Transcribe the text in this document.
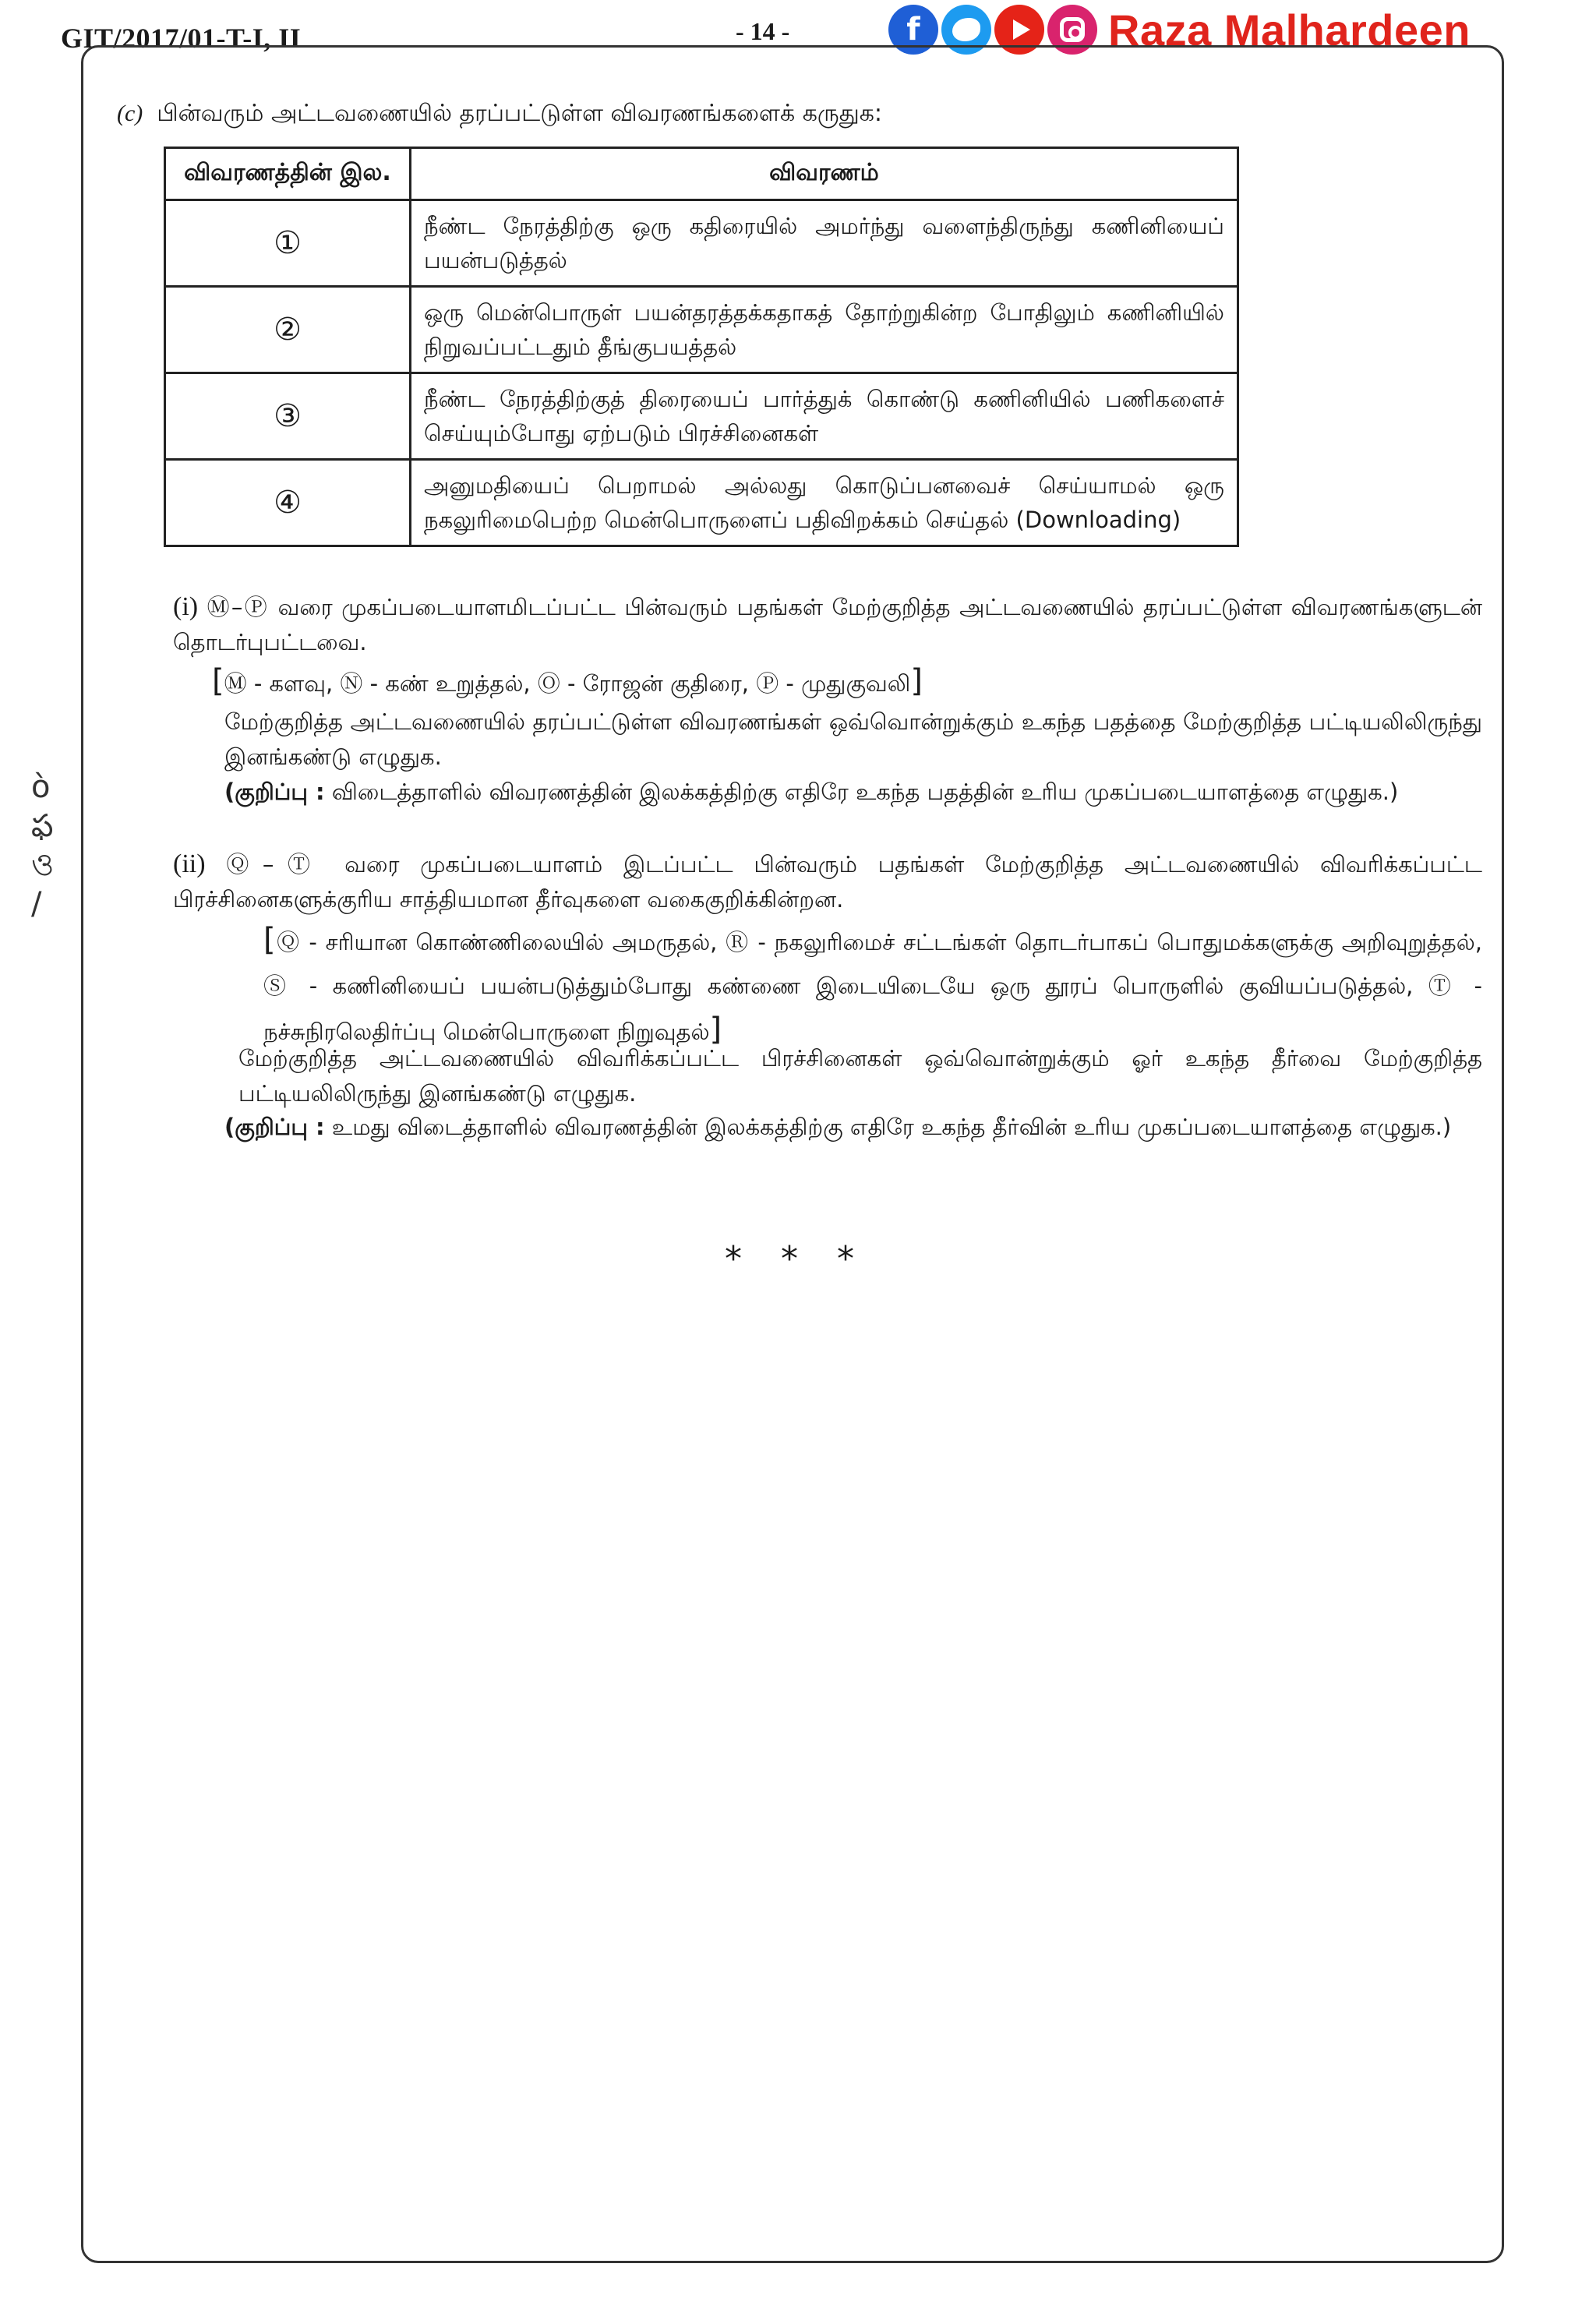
GIT/2017/01-T-I, II	- 14 -	f	Raza Malhardeen
(c) பின்வரும் அட்டவணையில் தரப்பட்டுள்ள விவரணங்களைக் கருதுக:
விவரணத்தின் இல.	விவரணம்
①	நீண்ட நேரத்திற்கு ஒரு கதிரையில் அமர்ந்து வளைந்திருந்து கணினியைப் பயன்படுத்தல்
②	ஒரு மென்பொருள் பயன்தரத்தக்கதாகத் தோற்றுகின்ற போதிலும் கணினியில் நிறுவப்பட்டதும் தீங்குபயத்தல்
③	நீண்ட நேரத்திற்குத் திரையைப் பார்த்துக் கொண்டு கணினியில் பணிகளைச் செய்யும்போது ஏற்படும் பிரச்சினைகள்
④	அனுமதியைப் பெறாமல் அல்லது கொடுப்பனவைச் செய்யாமல் ஒரு நகலுரிமைபெற்ற மென்பொருளைப் பதிவிறக்கம் செய்தல் (Downloading)
(i) Ⓜ–Ⓟ வரை முகப்படையாளமிடப்பட்ட பின்வரும் பதங்கள் மேற்குறித்த அட்டவணையில் தரப்பட்டுள்ள விவரணங்களுடன் தொடர்புபட்டவை.
[Ⓜ - களவு, Ⓝ - கண் உறுத்தல், Ⓞ - ரோஜன் குதிரை, Ⓟ - முதுகுவலி]
மேற்குறித்த அட்டவணையில் தரப்பட்டுள்ள விவரணங்கள் ஒவ்வொன்றுக்கும் உகந்த பதத்தை மேற்குறித்த பட்டியலிலிருந்து இனங்கண்டு எழுதுக.
(குறிப்பு : விடைத்தாளில் விவரணத்தின் இலக்கத்திற்கு எதிரே உகந்த பதத்தின் உரிய முகப்படையாளத்தை எழுதுக.)
(ii) Ⓠ–Ⓣ வரை முகப்படையாளம் இடப்பட்ட பின்வரும் பதங்கள் மேற்குறித்த அட்டவணையில் விவரிக்கப்பட்ட பிரச்சினைகளுக்குரிய சாத்தியமான தீர்வுகளை வகைகுறிக்கின்றன.
[Ⓠ - சரியான கொண்ணிலையில் அமருதல், Ⓡ - நகலுரிமைச் சட்டங்கள் தொடர்பாகப் பொதுமக்களுக்கு அறிவுறுத்தல், Ⓢ - கணினியைப் பயன்படுத்தும்போது கண்ணை இடையிடையே ஒரு தூரப் பொருளில் குவியப்படுத்தல், Ⓣ - நச்சுநிரலெதிர்ப்பு மென்பொருளை நிறுவுதல்]
மேற்குறித்த அட்டவணையில் விவரிக்கப்பட்ட பிரச்சினைகள் ஒவ்வொன்றுக்கும் ஓர் உகந்த தீர்வை மேற்குறித்த பட்டியலிலிருந்து இனங்கண்டு எழுதுக.
(குறிப்பு : உமது விடைத்தாளில் விவரணத்தின் இலக்கத்திற்கு எதிரே உகந்த தீர்வின் உரிய முகப்படையாளத்தை எழுதுக.)
* * *
ò
ఫ
ও
/
